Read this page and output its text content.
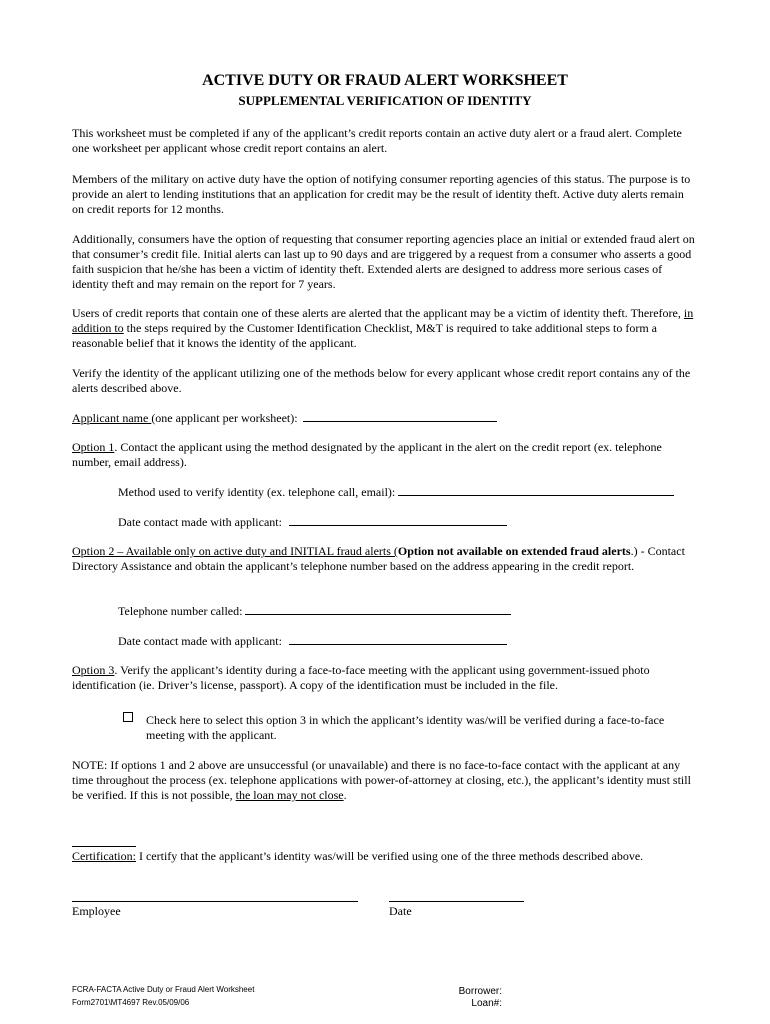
ACTIVE DUTY OR FRAUD ALERT WORKSHEET
SUPPLEMENTAL VERIFICATION OF IDENTITY

This worksheet must be completed if any of the applicant’s credit reports contain an active duty alert or a fraud alert. Complete one worksheet per applicant whose credit report contains an alert.

Members of the military on active duty have the option of notifying consumer reporting agencies of this status. The purpose is to provide an alert to lending institutions that an application for credit may be the result of identity theft. Active duty alerts remain on credit reports for 12 months.

Additionally, consumers have the option of requesting that consumer reporting agencies place an initial or extended fraud alert on that consumer’s credit file. Initial alerts can last up to 90 days and are triggered by a request from a consumer who asserts a good faith suspicion that he/she has been a victim of identity theft. Extended alerts are designed to address more serious cases of identity theft and may remain on the report for 7 years.

Users of credit reports that contain one of these alerts are alerted that the applicant may be a victim of identity theft. Therefore, in addition to the steps required by the Customer Identification Checklist, M&T is required to take additional steps to form a reasonable belief that it knows the identity of the applicant.

Verify the identity of the applicant utilizing one of the methods below for every applicant whose credit report contains any of the alerts described above.

Applicant name (one applicant per worksheet):

Option 1. Contact the applicant using the method designated by the applicant in the alert on the credit report (ex. telephone number, email address).

Method used to verify identity (ex. telephone call, email):

Date contact made with applicant:

Option 2 – Available only on active duty and INITIAL fraud alerts (Option not available on extended fraud alerts.) - Contact Directory Assistance and obtain the applicant’s telephone number based on the address appearing in the credit report.

Telephone number called:

Date contact made with applicant:

Option 3. Verify the applicant’s identity during a face-to-face meeting with the applicant using government-issued photo identification (ie. Driver’s license, passport). A copy of the identification must be included in the file.

Check here to select this option 3 in which the applicant’s identity was/will be verified during a face-to-face meeting with the applicant.

NOTE: If options 1 and 2 above are unsuccessful (or unavailable) and there is no face-to-face contact with the applicant at any time throughout the process (ex. telephone applications with power-of-attorney at closing, etc.), the applicant’s identity must still be verified. If this is not possible, the loan may not close.

Certification: I certify that the applicant’s identity was/will be verified using one of the three methods described above.

Employee	Date

FCRA-FACTA Active Duty or Fraud Alert Worksheet
Form2701\MT4697 Rev.05/09/06
Borrower:
Loan#:
